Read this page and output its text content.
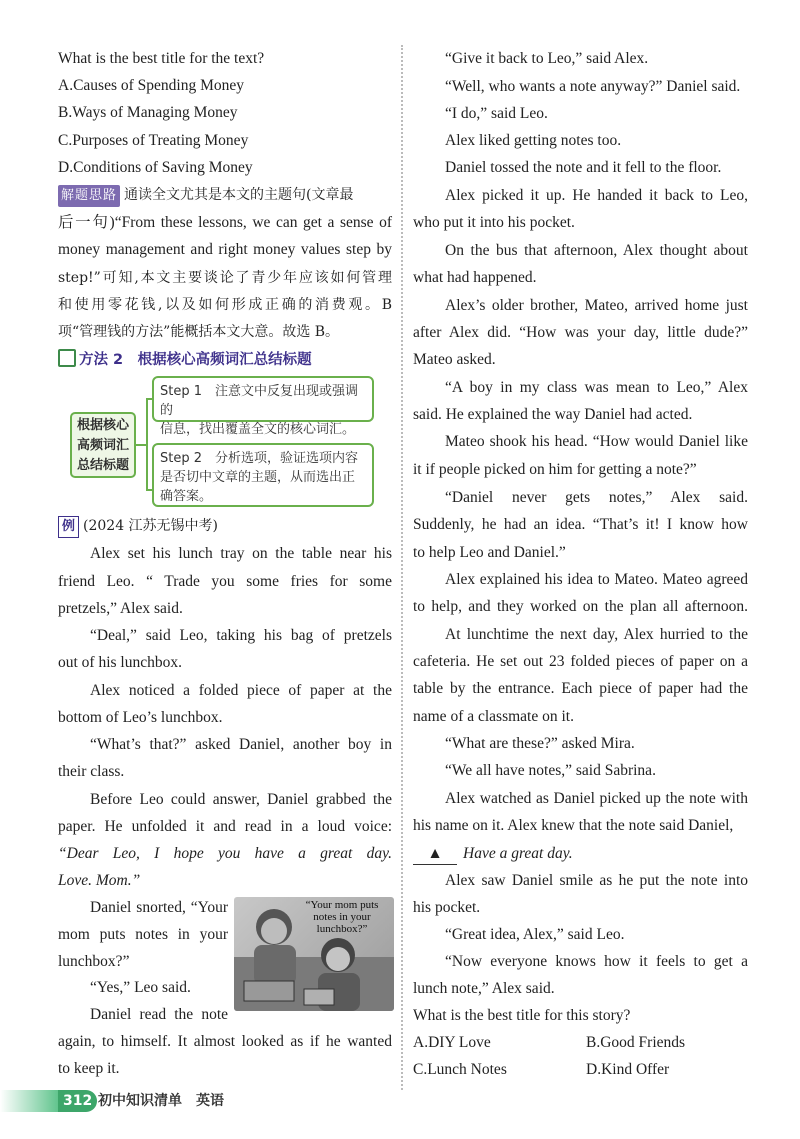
What is the best title for the text?
A.Causes of Spending Money
B.Ways of Managing Money
C.Purposes of Treating Money
D.Conditions of Saving Money
解题思路 通读全文尤其是本文的主题句(文章最
后一句)“From these lessons, we can get a sense of
money management and right money values step by
step!”可知,本文主要谈论了青少年应该如何管理
和使用零花钱,以及如何形成正确的消费观。B
项“管理钱的方法”能概括本文大意。故选 B。
方法 2　根据核心高频词汇总结标题
根据核心
高频词汇
总结标题
Step 1　注意文中反复出现或强调的
信息，找出覆盖全文的核心词汇。
Step 2　分析选项，验证选项内容
是否切中文章的主题，从而选出正
确答案。
例 (2024 江苏无锡中考)
Alex set his lunch tray on the table near his
friend Leo. “ Trade you some fries for some
pretzels,” Alex said.
“Deal,” said Leo, taking his bag of pretzels
out of his lunchbox.
Alex noticed a folded piece of paper at the
bottom of Leo’s lunchbox.
“What’s that?” asked Daniel, another boy in
their class.
Before Leo could answer, Daniel grabbed the
paper. He unfolded it and read in a loud voice:
“Dear Leo, I hope you have a great day.
Love. Mom.”
Daniel snorted, “Your
mom puts notes in your
lunchbox?”
“Yes,” Leo said.
Daniel read the note
again, to himself. It almost looked as if he wanted
to keep it.
“Your mom puts notes in your lunchbox?”
“Give it back to Leo,” said Alex.
“Well, who wants a note anyway?” Daniel said.
“I do,” said Leo.
Alex liked getting notes too.
Daniel tossed the note and it fell to the floor.
Alex picked it up. He handed it back to Leo,
who put it into his pocket.
On the bus that afternoon, Alex thought about
what had happened.
Alex’s older brother, Mateo, arrived home just
after Alex did. “How was your day, little dude?”
Mateo asked.
“A boy in my class was mean to Leo,” Alex
said. He explained the way Daniel had acted.
Mateo shook his head. “How would Daniel like
it if people picked on him for getting a note?”
“Daniel never gets notes,” Alex said.
Suddenly, he had an idea. “That’s it! I know how
to help Leo and Daniel.”
Alex explained his idea to Mateo. Mateo agreed
to help, and they worked on the plan all afternoon.
At lunchtime the next day, Alex hurried to the
cafeteria. He set out 23 folded pieces of paper on a
table by the entrance. Each piece of paper had the
name of a classmate on it.
“What are these?” asked Mira.
“We all have notes,” said Sabrina.
Alex watched as Daniel picked up the note with
his name on it. Alex knew that the note said Daniel,
▲ Have a great day.
Alex saw Daniel smile as he put the note into
his pocket.
“Great idea, Alex,” said Leo.
“Now everyone knows how it feels to get a
lunch note,” Alex said.
What is the best title for this story?
A.DIY Love	B.Good Friends
C.Lunch Notes	D.Kind Offer
312 初中知识清单　英语
